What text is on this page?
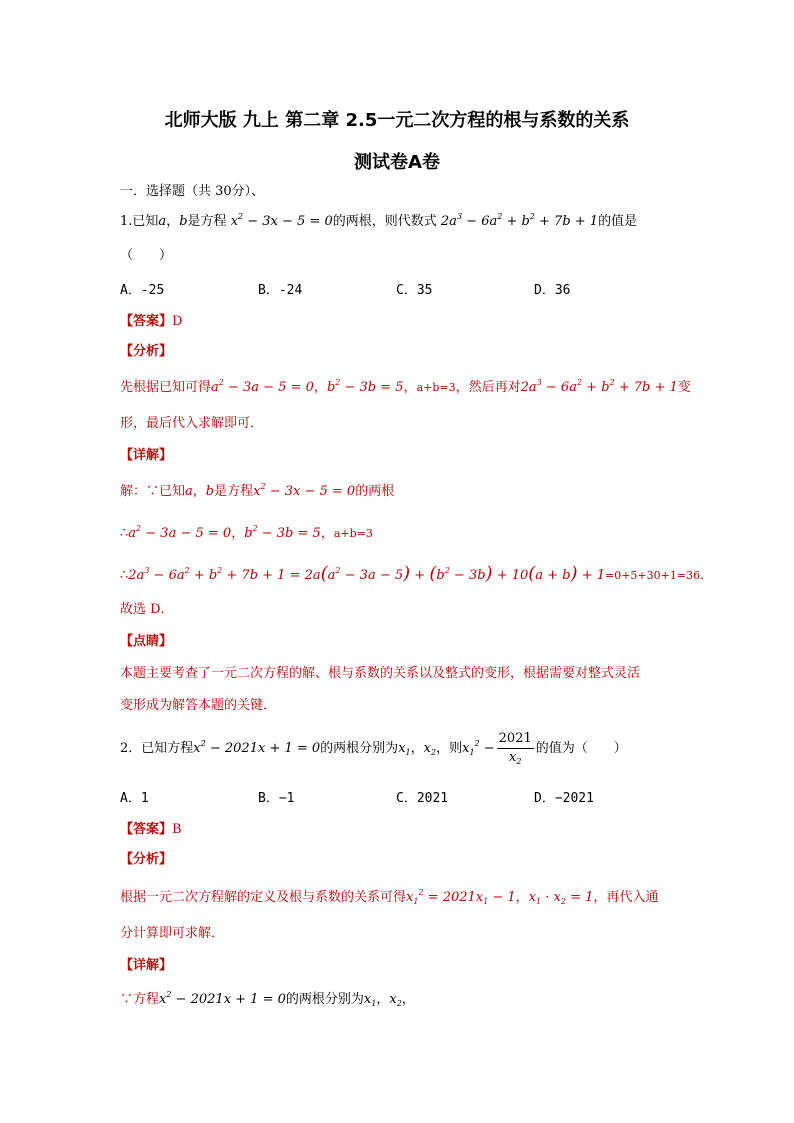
北师大版 九上 第二章 2.5一元二次方程的根与系数的关系
测试卷A卷
一．选择题（共 30分）、
1.已知a，b是方程 $x^2 - 3x - 5 = 0$的两根，则代数式 $2a^3 - 6a^2 + b^2 + 7b + 1$的值是
（　　）
A．-25	B．-24	C．35	D．36
【答案】D
【分析】
先根据已知可得$a^2 - 3a - 5 = 0$，$b^2 - 3b = 5$，a+b=3，然后再对$2a^3 - 6a^2 + b^2 + 7b + 1$变
形，最后代入求解即可．
【详解】
解：∵已知a，b是方程$x^2 - 3x - 5 = 0$的两根
$\therefore a^2 - 3a - 5 = 0$，$b^2 - 3b = 5$，a+b=3
$\therefore 2a^3 - 6a^2 + b^2 + 7b + 1 = 2a(a^2 - 3a - 5) + (b^2 - 3b) + 10(a + b) + 1=0+5+30+1=36$．
故选 D．
【点睛】
本题主要考查了一元二次方程的解、根与系数的关系以及整式的变形，根据需要对整式灵活
变形成为解答本题的关键．
2．已知方程$x^2 - 2021x + 1 = 0$的两根分别为$x_1$，$x_2$，则$x_1^2 - \frac{2021}{x_2}$ 的值为（　　）
A．1	B．−1	C．2021	D．−2021
【答案】B
【分析】
根据一元二次方程解的定义及根与系数的关系可得$x_1^2 = 2021x_1 - 1$，$x_1 \cdot x_2 = 1$，再代入通
分计算即可求解．
【详解】
∵方程$x^2 - 2021x + 1 = 0$的两根分别为$x_1$，$x_2$，
